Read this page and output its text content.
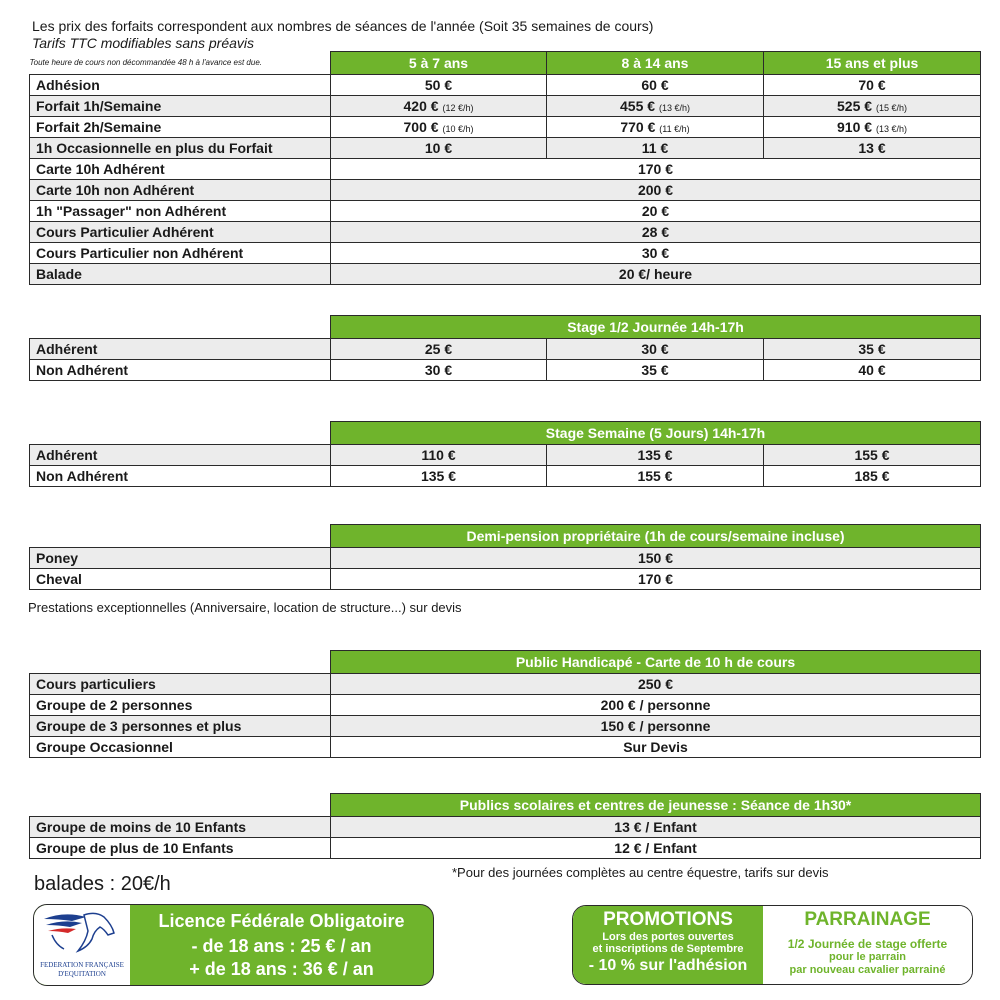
Les prix des forfaits correspondent aux nombres de séances de l'année (Soit 35 semaines de cours)
Tarifs TTC modifiables sans préavis
Toute heure de cours non décommandée 48 h à l'avance est due.	5 à 7 ans	8 à 14 ans	15 ans et plus
Adhésion	50 €	60 €	70 €
Forfait 1h/Semaine	420 € (12 €/h)	455 € (13 €/h)	525 € (15 €/h)
Forfait 2h/Semaine	700 € (10 €/h)	770 € (11 €/h)	910 € (13 €/h)
1h Occasionnelle en plus du Forfait	10 €	11 €	13 €
Carte 10h Adhérent	170 €		
Carte 10h non Adhérent	200 €		
1h "Passager" non Adhérent	20 €		
Cours Particulier Adhérent	28 €		
Cours Particulier non Adhérent	30 €		
Balade	20 €/ heure		
	Stage 1/2 Journée 14h-17h		
Adhérent	25 €	30 €	35 €
Non Adhérent	30 €	35 €	40 €
	Stage Semaine (5 Jours) 14h-17h		
Adhérent	110 €	135 €	155 €
Non Adhérent	135 €	155 €	185 €
	Demi-pension propriétaire (1h de cours/semaine incluse)
Poney	150 €
Cheval	170 €
Prestations exceptionnelles (Anniversaire, location de structure...) sur devis
	Public Handicapé - Carte de 10 h de cours
Cours particuliers	250 €
Groupe de 2 personnes	200 € / personne
Groupe de 3 personnes et plus	150 € / personne
Groupe Occasionnel	Sur Devis
	Publics scolaires et centres de jeunesse : Séance de 1h30*
Groupe de moins de 10 Enfants	13 € / Enfant
Groupe de plus de 10 Enfants	12 € / Enfant
balades : 20€/h
*Pour des journées complètes au centre équestre, tarifs sur devis
FEDERATION FRANÇAISE
D'EQUITATION
Licence Fédérale Obligatoire
- de 18 ans : 25 € / an
+ de 18 ans : 36 € / an
PROMOTIONS
Lors des portes ouvertes
et inscriptions de Septembre
- 10 % sur l'adhésion
PARRAINAGE
1/2 Journée de stage offerte
pour le parrain
par nouveau cavalier parrainé
